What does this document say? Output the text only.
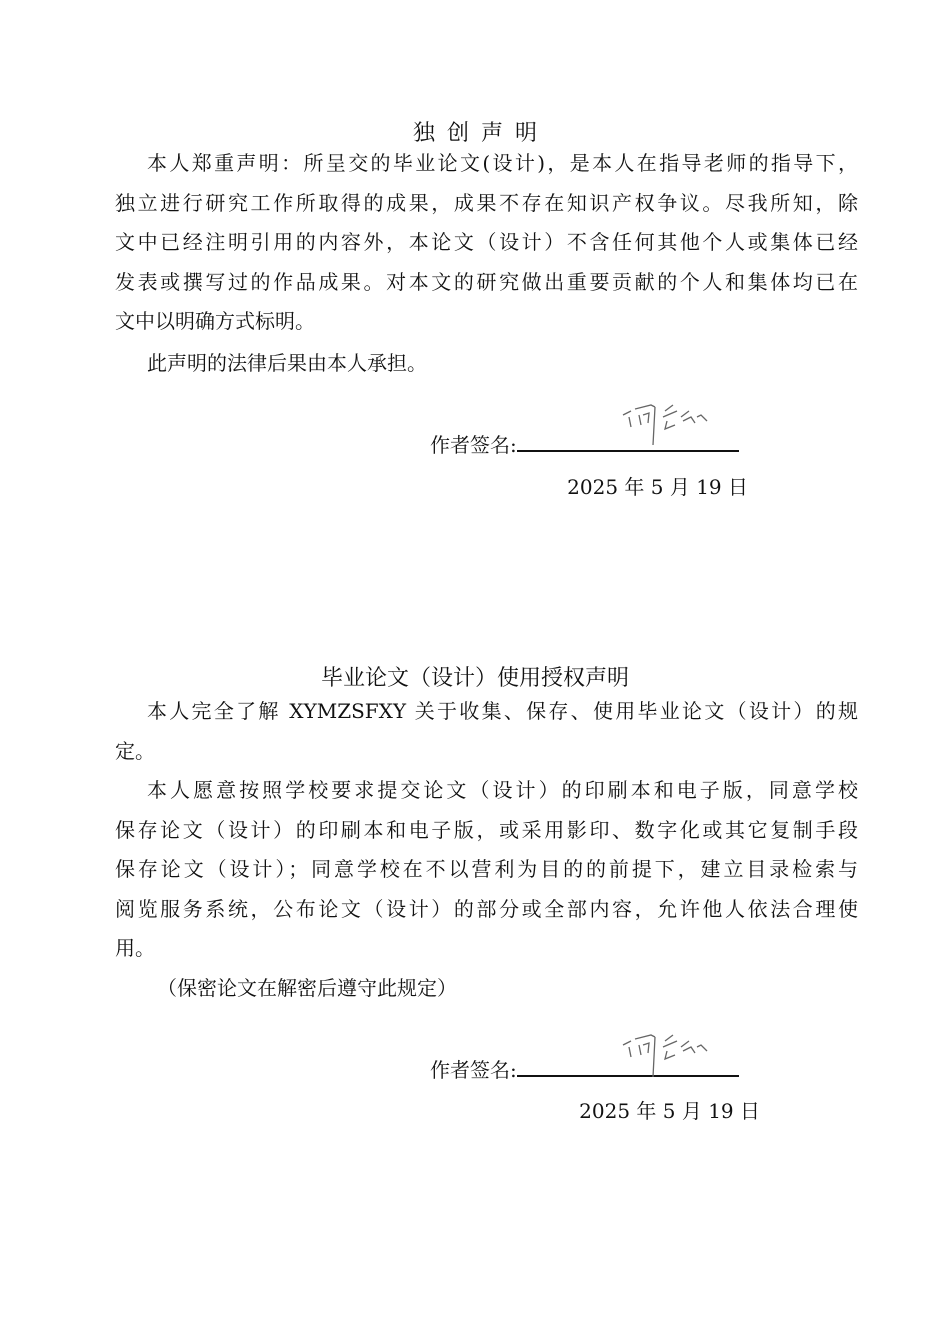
独创声明
本人郑重声明：所呈交的毕业论文(设计)，是本人在指导老师的指导下，
独立进行研究工作所取得的成果，成果不存在知识产权争议。尽我所知，除
文中已经注明引用的内容外，本论文（设计）不含任何其他个人或集体已经
发表或撰写过的作品成果。对本文的研究做出重要贡献的个人和集体均已在
文中以明确方式标明。
此声明的法律后果由本人承担。
作者签名:
2025 年 5 月 19 日
毕业论文（设计）使用授权声明
本人完全了解 XYMZSFXY 关于收集、保存、使用毕业论文（设计）的规
定。
本人愿意按照学校要求提交论文（设计）的印刷本和电子版，同意学校
保存论文（设计）的印刷本和电子版，或采用影印、数字化或其它复制手段
保存论文（设计）；同意学校在不以营利为目的的前提下，建立目录检索与
阅览服务系统，公布论文（设计）的部分或全部内容，允许他人依法合理使
用。
（保密论文在解密后遵守此规定）
作者签名:
2025 年 5 月 19 日
